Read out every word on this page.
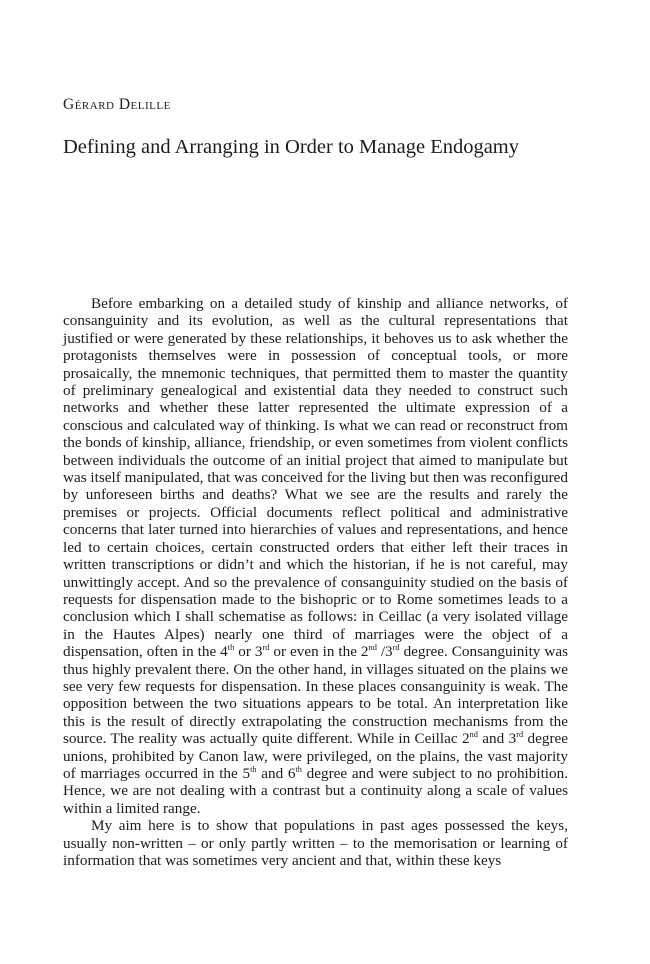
Gérard Delille
Defining and Arranging in Order to Manage Endogamy

Before embarking on a detailed study of kinship and alliance networks, of consanguinity and its evolution, as well as the cultural representations that justified or were generated by these relationships, it behoves us to ask whether the protagonists themselves were in possession of conceptual tools, or more prosaically, the mnemonic techniques, that permitted them to master the quantity of preliminary genealogical and existential data they needed to construct such networks and whether these latter represented the ultimate expression of a conscious and calculated way of thinking. Is what we can read or reconstruct from the bonds of kinship, alliance, friendship, or even sometimes from violent conflicts between individuals the outcome of an initial project that aimed to manipulate but was itself manipulated, that was conceived for the living but then was reconfigured by unforeseen births and deaths? What we see are the results and rarely the premises or projects. Official documents reflect political and administrative concerns that later turned into hierarchies of values and representations, and hence led to certain choices, certain constructed orders that either left their traces in written transcriptions or didn’t and which the historian, if he is not careful, may unwittingly accept. And so the prevalence of consanguinity studied on the basis of requests for dispensation made to the bishopric or to Rome sometimes leads to a conclusion which I shall schematise as follows: in Ceillac (a very isolated village in the Hautes Alpes) nearly one third of marriages were the object of a dispensation, often in the 4th or 3rd or even in the 2nd /3rd degree. Consanguinity was thus highly prevalent there. On the other hand, in villages situated on the plains we see very few requests for dispensation. In these places consanguinity is weak. The opposition between the two situations appears to be total. An interpretation like this is the result of directly extrapolating the construction mechanisms from the source. The reality was actually quite different. While in Ceillac 2nd and 3rd degree unions, prohibited by Canon law, were privileged, on the plains, the vast majority of marriages occurred in the 5th and 6th degree and were subject to no prohibition. Hence, we are not dealing with a contrast but a continuity along a scale of values within a limited range.

My aim here is to show that populations in past ages possessed the keys, usually non-written – or only partly written – to the memorisation or learning of information that was sometimes very ancient and that, within these keys
